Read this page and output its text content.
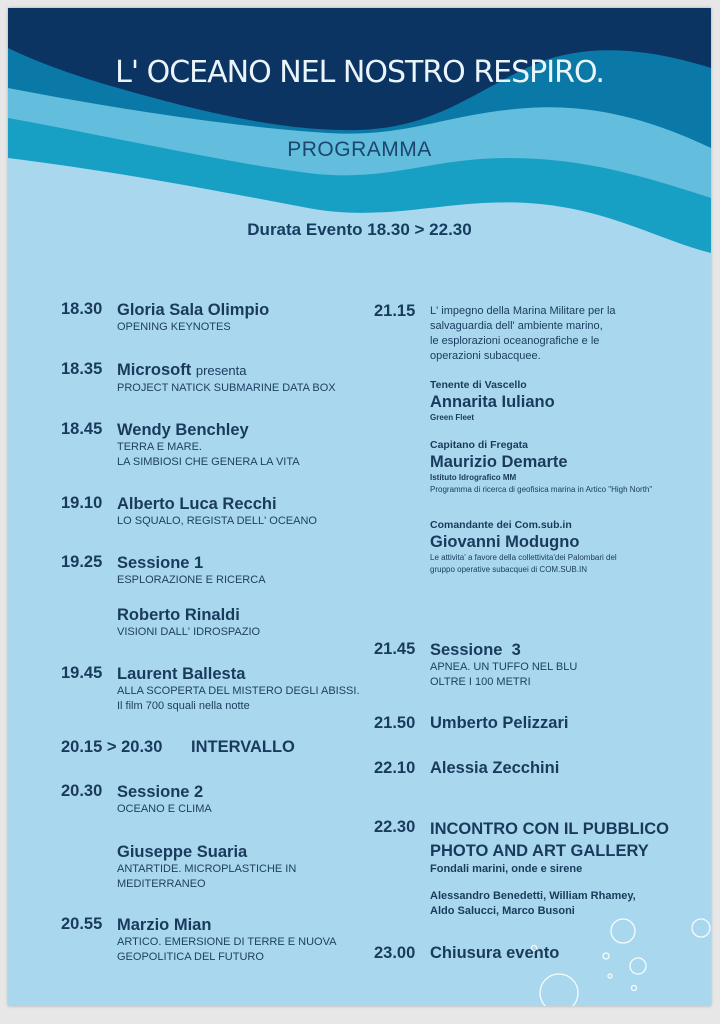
L' OCEANO NEL NOSTRO RESPIRO.
PROGRAMMA
Durata Evento 18.30 > 22.30
18.30 Gloria Sala Olimpio
OPENING KEYNOTES
18.35 Microsoft presenta
PROJECT NATICK SUBMARINE DATA BOX
18.45 Wendy Benchley
TERRA E MARE.
LA SIMBIOSI CHE GENERA LA VITA
19.10 Alberto Luca Recchi
LO SQUALO, REGISTA DELL' OCEANO
19.25 Sessione 1
ESPLORAZIONE E RICERCA
Roberto Rinaldi
VISIONI DALL' IDROSPAZIO
19.45 Laurent Ballesta
ALLA SCOPERTA DEL MISTERO DEGLI ABISSI.
Il film 700 squali nella notte
20.15 > 20.30 INTERVALLO
20.30 Sessione 2
OCEANO E CLIMA
Giuseppe Suaria
ANTARTIDE. MICROPLASTICHE IN
MEDITERRANEO
20.55 Marzio Mian
ARTICO. EMERSIONE DI TERRE E NUOVA
GEOPOLITICA DEL FUTURO
21.15 L' impegno della Marina Militare per la
salvaguardia dell' ambiente marino,
le esplorazioni oceanografiche e le
operazioni subacquee.
Tenente di Vascello
Annarita Iuliano
Green Fleet
Capitano di Fregata
Maurizio Demarte
Istituto Idrografico MM
Programma di ricerca di geofisica marina in Artico "High North"
Comandante dei Com.sub.in
Giovanni Modugno
Le attivita' a favore della collettivita'dei Palombari del
gruppo operative subacquei di COM.SUB.IN
21.45 Sessione  3
APNEA. UN TUFFO NEL BLU
OLTRE I 100 METRI
21.50 Umberto Pelizzari
22.10 Alessia Zecchini
22.30 INCONTRO CON IL PUBBLICO
PHOTO AND ART GALLERY
Fondali marini, onde e sirene
Alessandro Benedetti, William Rhamey,
Aldo Salucci, Marco Busoni
23.00 Chiusura evento
